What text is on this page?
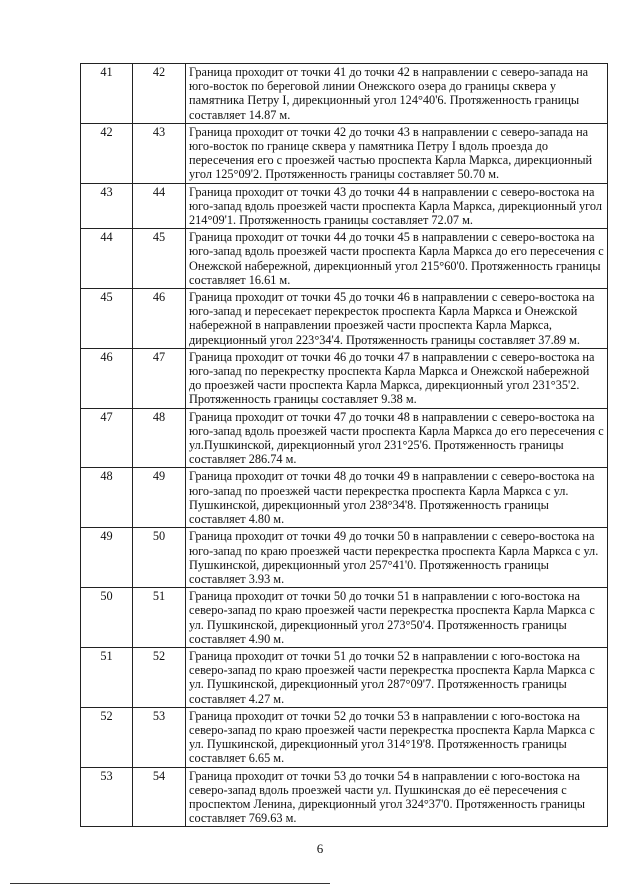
41	42	Граница проходит от точки 41 до точки 42 в направлении с северо-запада на юго-восток по береговой линии Онежского озера до границы сквера у памятника Петру I, дирекционный угол 124°40'6. Протяженность границы составляет 14.87 м.
42	43	Граница проходит от точки 42 до точки 43 в направлении с северо-запада на юго-восток по границе сквера у памятника Петру I вдоль проезда до пересечения его с проезжей частью проспекта Карла Маркса, дирекционный угол 125°09'2. Протяженность границы составляет 50.70 м.
43	44	Граница проходит от точки 43 до точки 44 в направлении с северо-востока на юго-запад вдоль проезжей части проспекта Карла Маркса, дирекционный угол 214°09'1. Протяженность границы составляет 72.07 м.
44	45	Граница проходит от точки 44 до точки 45 в направлении с северо-востока на юго-запад вдоль проезжей части проспекта Карла Маркса до его пересечения с Онежской набережной, дирекционный угол 215°60'0. Протяженность границы составляет 16.61 м.
45	46	Граница проходит от точки 45 до точки 46 в направлении с северо-востока на юго-запад и пересекает перекресток проспекта Карла Маркса и Онежской набережной в направлении проезжей части проспекта Карла Маркса, дирекционный угол 223°34'4. Протяженность границы составляет 37.89 м.
46	47	Граница проходит от точки 46 до точки 47 в направлении с северо-востока на юго-запад по перекрестку проспекта Карла Маркса и Онежской набережной до проезжей части проспекта Карла Маркса, дирекционный угол 231°35'2. Протяженность границы составляет 9.38 м.
47	48	Граница проходит от точки 47 до точки 48 в направлении с северо-востока на юго-запад вдоль проезжей части проспекта Карла Маркса до его пересечения с ул.Пушкинской, дирекционный угол 231°25'6. Протяженность границы составляет 286.74 м.
48	49	Граница проходит от точки 48 до точки 49 в направлении с северо-востока на юго-запад по проезжей части перекрестка проспекта Карла Маркса с ул. Пушкинской, дирекционный угол 238°34'8. Протяженность границы составляет 4.80 м.
49	50	Граница проходит от точки 49 до точки 50 в направлении с северо-востока на юго-запад по краю проезжей части перекрестка проспекта Карла Маркса с ул. Пушкинской, дирекционный угол 257°41'0. Протяженность границы составляет 3.93 м.
50	51	Граница проходит от точки 50 до точки 51 в направлении с юго-востока на северо-запад по краю проезжей части перекрестка проспекта Карла Маркса с ул. Пушкинской, дирекционный угол 273°50'4. Протяженность границы составляет 4.90 м.
51	52	Граница проходит от точки 51 до точки 52 в направлении с юго-востока на северо-запад по краю проезжей части перекрестка проспекта Карла Маркса с ул. Пушкинской, дирекционный угол 287°09'7. Протяженность границы составляет 4.27 м.
52	53	Граница проходит от точки 52 до точки 53 в направлении с юго-востока на северо-запад по краю проезжей части перекрестка проспекта Карла Маркса с ул. Пушкинской, дирекционный угол 314°19'8. Протяженность границы составляет 6.65 м.
53	54	Граница проходит от точки 53 до точки 54 в направлении с юго-востока на северо-запад вдоль проезжей части ул. Пушкинская до её пересечения с проспектом Ленина, дирекционный угол 324°37'0. Протяженность границы составляет 769.63 м.
6
